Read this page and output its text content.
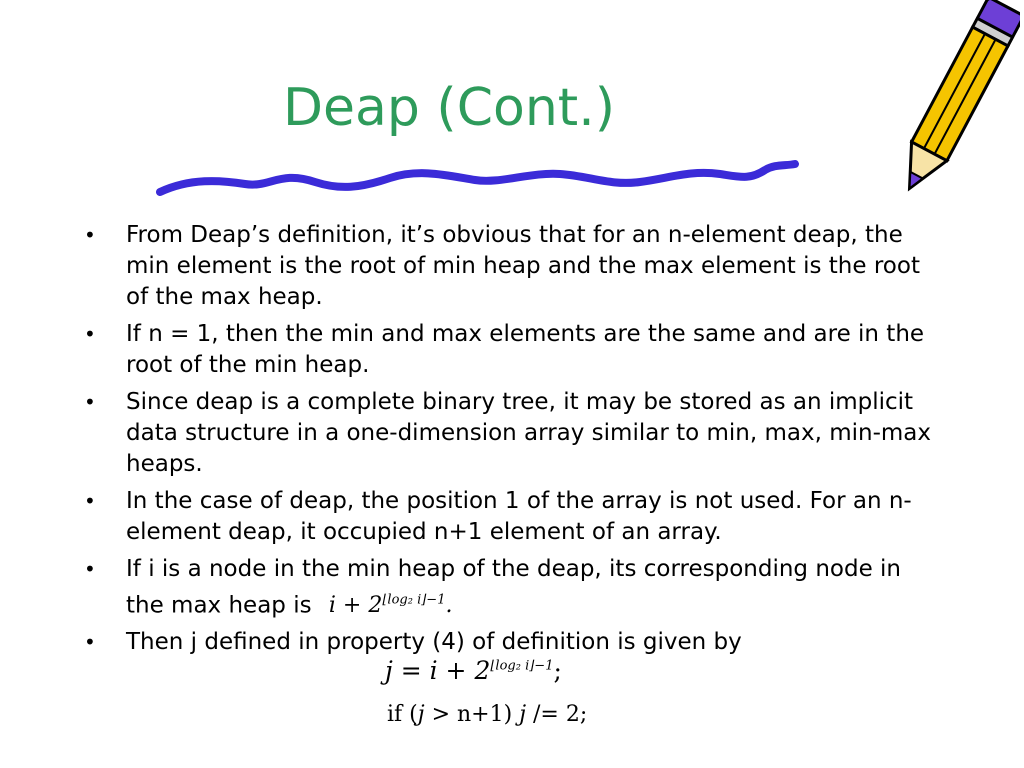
Deap (Cont.)
• From Deap’s definition, it’s obvious that for an n-element deap, the min element is the root of min heap and the max element is the root of the max heap.
• If n = 1, then the min and max elements are the same and are in the root of the min heap.
• Since deap is a complete binary tree, it may be stored as an implicit data structure in a one-dimension array similar to min, max, min-max heaps.
• In the case of deap, the position 1 of the array is not used. For an n-element deap, it occupied n+1 element of an array.
• If i is a node in the min heap of the deap, its corresponding node in the max heap is $i + 2^{⌊log_2 i⌋-1}$.
• Then j defined in property (4) of definition is given by
$j = i + 2^{⌊log_2 i⌋-1}$;
if (j > n+1) j /= 2;
